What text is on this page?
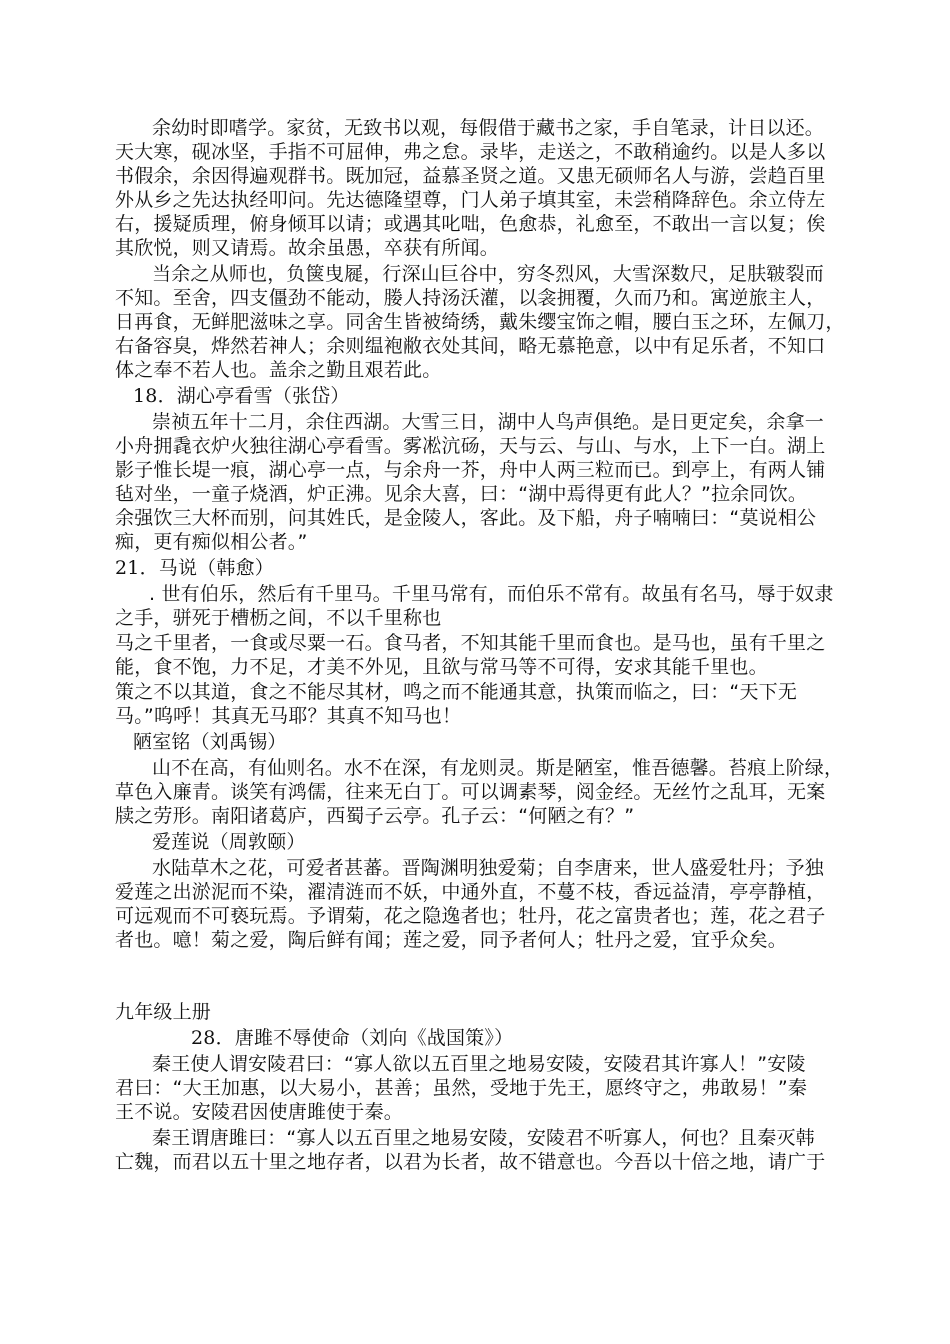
余幼时即嗜学。家贫，无致书以观，每假借于藏书之家，手自笔录，计日以还。
天大寒，砚冰坚，手指不可屈伸，弗之怠。录毕，走送之，不敢稍逾约。以是人多以
书假余，余因得遍观群书。既加冠，益慕圣贤之道。又患无硕师名人与游，尝趋百里
外从乡之先达执经叩问。先达德隆望尊，门人弟子填其室，未尝稍降辞色。余立侍左
右，援疑质理，俯身倾耳以请；或遇其叱咄，色愈恭，礼愈至，不敢出一言以复；俟
其欣悦，则又请焉。故余虽愚，卒获有所闻。
当余之从师也，负箧曳屣，行深山巨谷中，穷冬烈风，大雪深数尺，足肤皲裂而
不知。至舍，四支僵劲不能动，媵人持汤沃灌，以衾拥覆，久而乃和。寓逆旅主人，
日再食，无鲜肥滋味之享。同舍生皆被绮绣，戴朱缨宝饰之帽，腰白玉之环，左佩刀，
右备容臭，烨然若神人；余则缊袍敝衣处其间，略无慕艳意，以中有足乐者，不知口
体之奉不若人也。盖余之勤且艰若此。
18．湖心亭看雪（张岱）
崇祯五年十二月，余住西湖。大雪三日，湖中人鸟声俱绝。是日更定矣，余拿一
小舟拥毳衣炉火独往湖心亭看雪。雾凇沆砀，天与云、与山、与水，上下一白。湖上
影子惟长堤一痕，湖心亭一点，与余舟一芥，舟中人两三粒而已。到亭上，有两人铺
毡对坐，一童子烧酒，炉正沸。见余大喜，曰：“湖中焉得更有此人？”拉余同饮。
余强饮三大杯而别，问其姓氏，是金陵人，客此。及下船，舟子喃喃曰：“莫说相公
痴，更有痴似相公者。”
21．马说（韩愈）
. 世有伯乐，然后有千里马。千里马常有，而伯乐不常有。故虽有名马，辱于奴隶
之手，骈死于槽枥之间，不以千里称也
马之千里者，一食或尽粟一石。食马者，不知其能千里而食也。是马也，虽有千里之
能，食不饱，力不足，才美不外见，且欲与常马等不可得，安求其能千里也。
策之不以其道，食之不能尽其材，鸣之而不能通其意，执策而临之，曰：“天下无
马。”呜呼！其真无马耶？其真不知马也！
陋室铭（刘禹锡）
山不在高，有仙则名。水不在深，有龙则灵。斯是陋室，惟吾德馨。苔痕上阶绿，
草色入廉青。谈笑有鸿儒，往来无白丁。可以调素琴，阅金经。无丝竹之乱耳，无案
牍之劳形。南阳诸葛庐，西蜀子云亭。孔子云：“何陋之有？”
爱莲说（周敦颐）
水陆草木之花，可爱者甚蕃。晋陶渊明独爱菊；自李唐来，世人盛爱牡丹；予独
爱莲之出淤泥而不染，濯清涟而不妖，中通外直，不蔓不枝，香远益清，亭亭静植，
可远观而不可亵玩焉。予谓菊，花之隐逸者也；牡丹，花之富贵者也；莲，花之君子
者也。噫！菊之爱，陶后鲜有闻；莲之爱，同予者何人；牡丹之爱，宜乎众矣。
九年级上册
28．唐雎不辱使命（刘向《战国策》）
秦王使人谓安陵君曰：“寡人欲以五百里之地易安陵，安陵君其许寡人！”安陵
君曰：“大王加惠，以大易小，甚善；虽然，受地于先王，愿终守之，弗敢易！”秦
王不说。安陵君因使唐雎使于秦。
秦王谓唐雎曰：“寡人以五百里之地易安陵，安陵君不听寡人，何也？且秦灭韩
亡魏，而君以五十里之地存者，以君为长者，故不错意也。今吾以十倍之地，请广于
